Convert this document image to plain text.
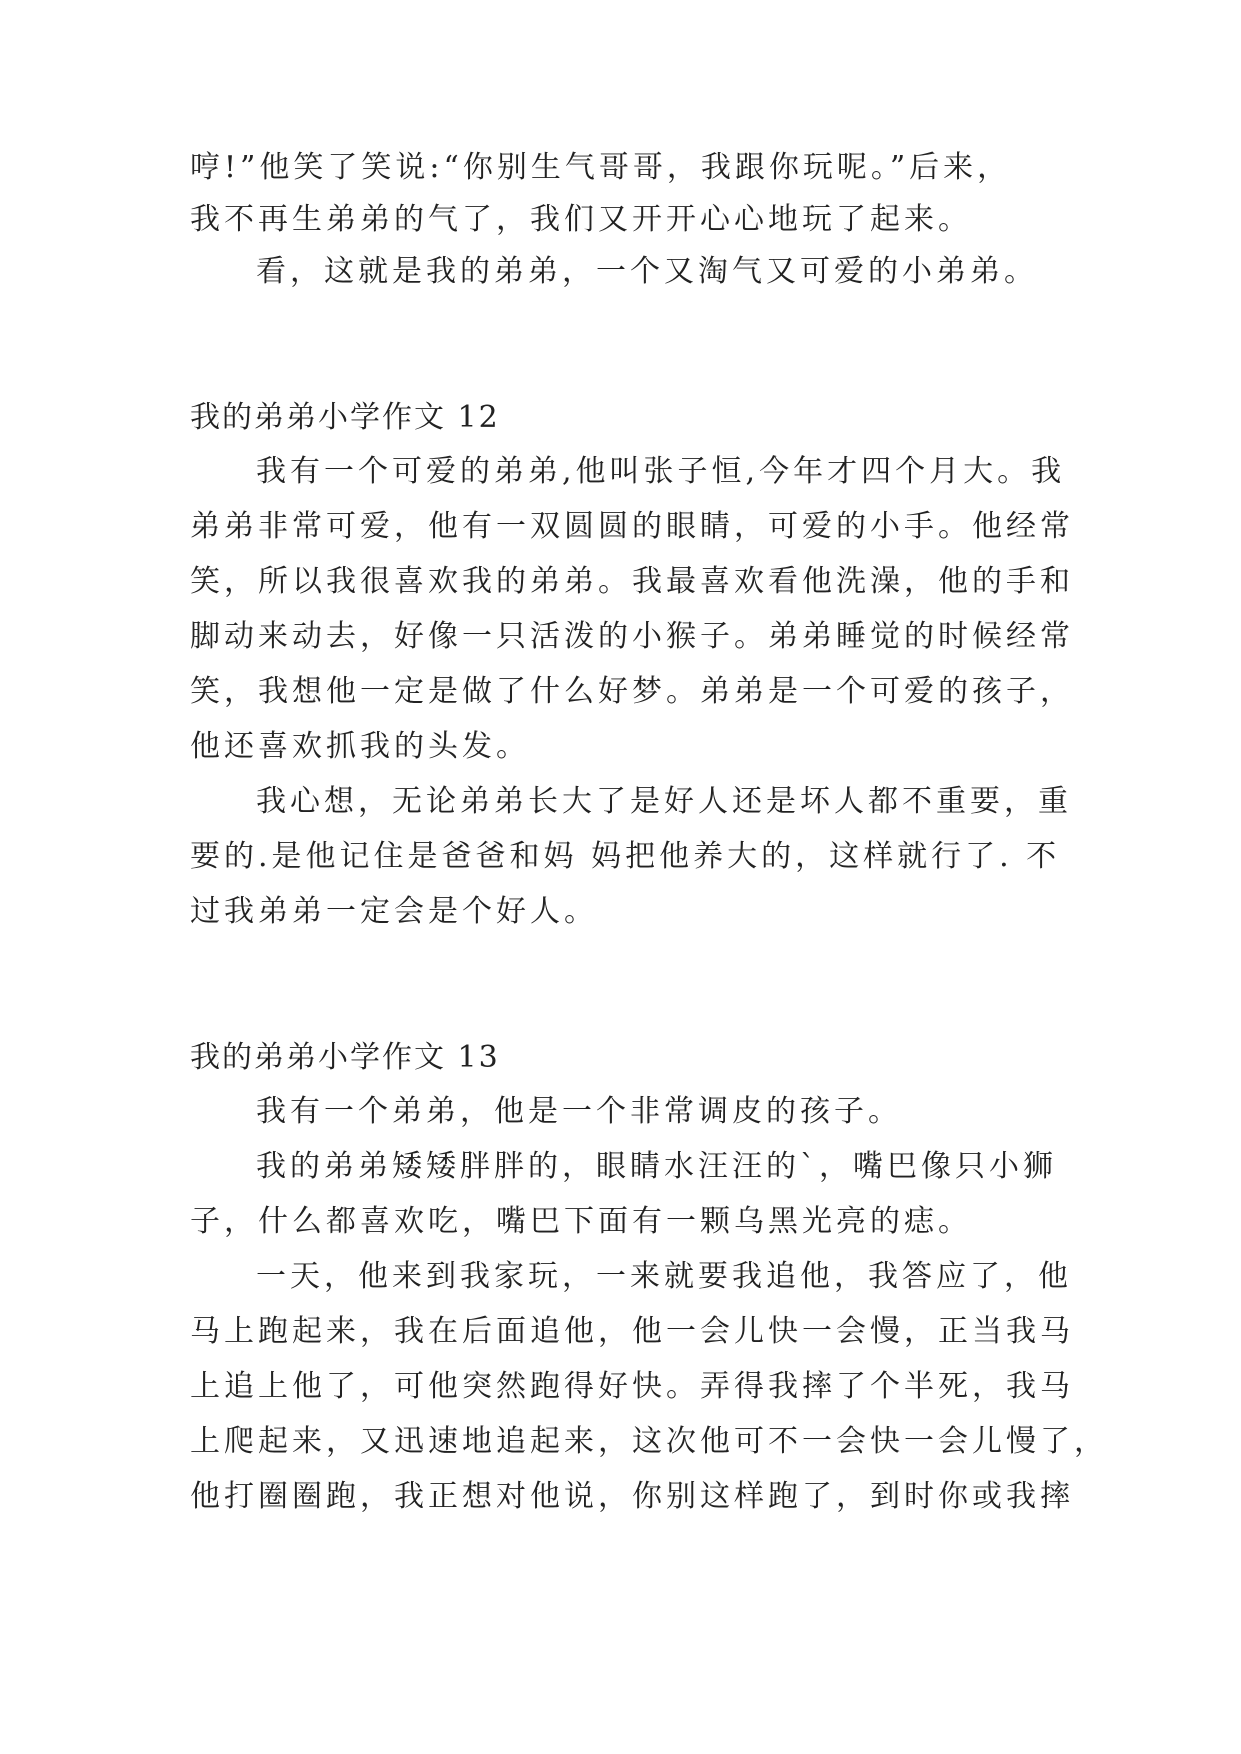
哼!”他笑了笑说:“你别生气哥哥，我跟你玩呢。”后来，

我不再生弟弟的气了，我们又开开心心地玩了起来。

看，这就是我的弟弟，一个又淘气又可爱的小弟弟。

我的弟弟小学作文 12

我有一个可爱的弟弟,他叫张子恒,今年才四个月大。我

弟弟非常可爱，他有一双圆圆的眼睛，可爱的小手。他经常

笑，所以我很喜欢我的弟弟。我最喜欢看他洗澡，他的手和

脚动来动去，好像一只活泼的小猴子。弟弟睡觉的时候经常

笑，我想他一定是做了什么好梦。弟弟是一个可爱的孩子，

他还喜欢抓我的头发。

我心想，无论弟弟长大了是好人还是坏人都不重要，重

要的.是他记住是爸爸和妈 妈把他养大的，这样就行了. 不

过我弟弟一定会是个好人。

我的弟弟小学作文 13

我有一个弟弟，他是一个非常调皮的孩子。

我的弟弟矮矮胖胖的，眼睛水汪汪的`，嘴巴像只小狮

子，什么都喜欢吃，嘴巴下面有一颗乌黑光亮的痣。

一天，他来到我家玩，一来就要我追他，我答应了，他

马上跑起来，我在后面追他，他一会儿快一会慢，正当我马

上追上他了，可他突然跑得好快。弄得我摔了个半死，我马

上爬起来，又迅速地追起来，这次他可不一会快一会儿慢了，

他打圈圈跑，我正想对他说，你别这样跑了，到时你或我摔
